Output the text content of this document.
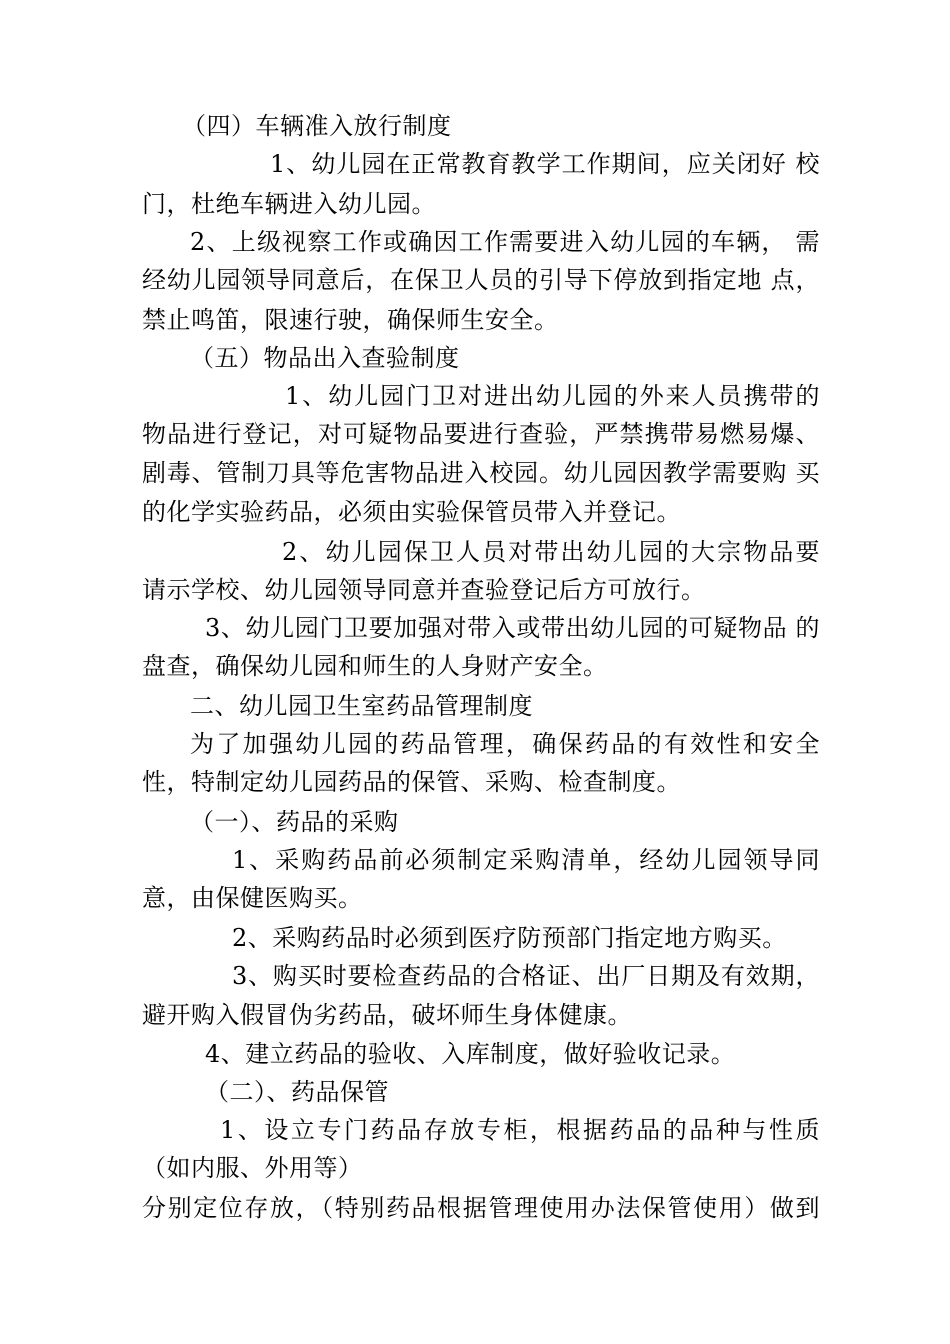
（四）车辆准入放行制度
1、幼儿园在正常教育教学工作期间，应关闭好 校
门，杜绝车辆进入幼儿园。
2、上级视察工作或确因工作需要进入幼儿园的车辆， 需
经幼儿园领导同意后，在保卫人员的引导下停放到指定地 点，
禁止鸣笛，限速行驶，确保师生安全。
（五）物品出入查验制度
1、幼儿园门卫对进出幼儿园的外来人员携带的
物品进行登记，对可疑物品要进行查验，严禁携带易燃易爆、
剧毒、管制刀具等危害物品进入校园。幼儿园因教学需要购 买
的化学实验药品，必须由实验保管员带入并登记。
2、幼儿园保卫人员对带出幼儿园的大宗物品要
请示学校、幼儿园领导同意并查验登记后方可放行。
3、幼儿园门卫要加强对带入或带出幼儿园的可疑物品 的
盘查，确保幼儿园和师生的人身财产安全。
二、幼儿园卫生室药品管理制度
为了加强幼儿园的药品管理，确保药品的有效性和安全
性，特制定幼儿园药品的保管、采购、检查制度。
（一）、药品的采购
1、采购药品前必须制定采购清单，经幼儿园领导同
意，由保健医购买。
2、采购药品时必须到医疗防预部门指定地方购买。
3、购买时要检查药品的合格证、出厂日期及有效期，
避开购入假冒伪劣药品，破坏师生身体健康。
4、建立药品的验收、入库制度，做好验收记录。
（二）、药品保管
1、设立专门药品存放专柜，根据药品的品种与性质
（如内服、外用等）
分别定位存放，（特别药品根据管理使用办法保管使用）做到
